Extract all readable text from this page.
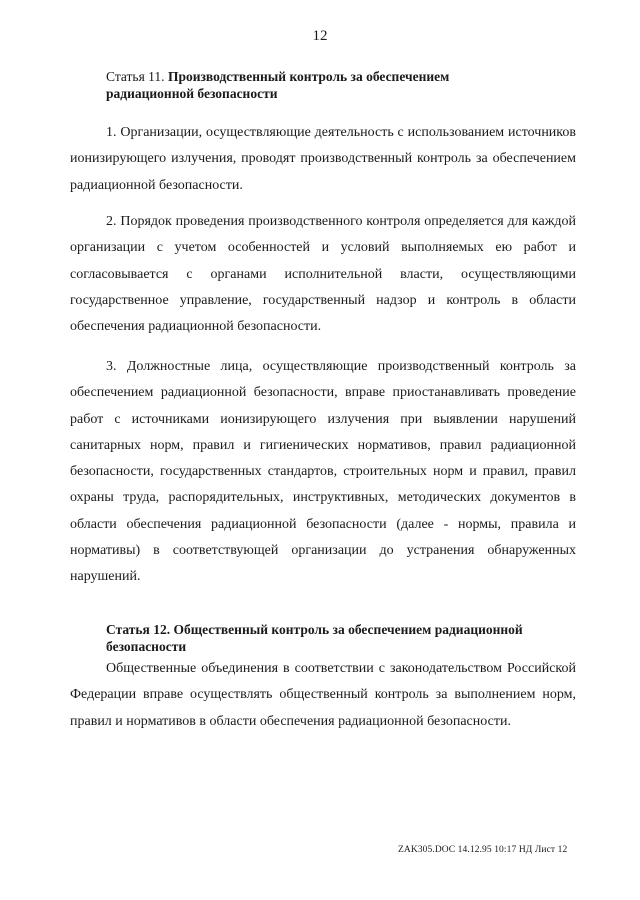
12
Статья 11. Производственный контроль за обеспечением радиационной безопасности

1. Организации, осуществляющие деятельность с использованием источников ионизирующего излучения, проводят производственный контроль за обеспечением радиационной безопасности.

2. Порядок проведения производственного контроля определяется для каждой организации с учетом особенностей и условий выполняемых ею работ и согласовывается с органами исполнительной власти, осуществляющими государственное управление, государственный надзор и контроль в области обеспечения радиационной безопасности.

3. Должностные лица, осуществляющие производственный контроль за обеспечением радиационной безопасности, вправе приостанавливать проведение работ с источниками ионизирующего излучения при выявлении нарушений санитарных норм, правил и гигиенических нормативов, правил радиационной безопасности, государственных стандартов, строительных норм и правил, правил охраны труда, распорядительных, инструктивных, методических документов в области обеспечения радиационной безопасности (далее - нормы, правила и нормативы) в соответствующей организации до устранения обнаруженных нарушений.

Статья 12. Общественный контроль за обеспечением радиационной безопасности

Общественные объединения в соответствии с законодательством Российской Федерации вправе осуществлять общественный контроль за выполнением норм, правил и нормативов в области обеспечения радиационной безопасности.

ZAK305.DOC 14.12.95 10:17 НД Лист 12
